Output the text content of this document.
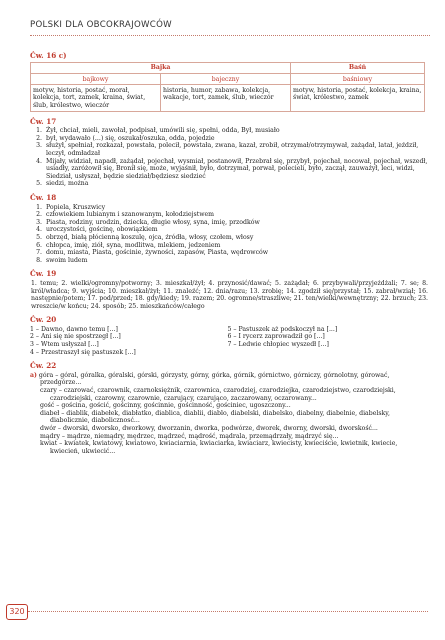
POLSKI DLA OBCOKRAJOWCÓW
Ćw. 16 c)
Bajka		Baśń
bajkowy	bajeczny	baśniowy
motyw, historia, postać, morał, kolekcja, tort, zamek, kraina, świat, ślub, królestwo, wieczór	historia, humor, zabawa, kolekcja, wakacje, tort, zamek, ślub, wieczór	motyw, historia, postać, kolekcja, kraina, świat, królestwo, zamek
Ćw. 17
1. Żył, chciał, mieli, zawołał, podpisał, umówili się, spełni, odda, Był, musiało
2. był, wydawało (...) się, oszukał/oszuka, odda, pojedzie
3. służył, spełniał, rozkazał, powstała, polecił, powstała, zwana, kazał, zrobił, otrzymał/otrzymywał, zażądał, latał, jeździł, leczył, odmładzał
4. Mijały, widział, napadł, zażądał, pojechał, wysmiał, postanowił, Przebrał się, przybył, pojechał, nocował, pojechał, wszedł, usiadły, zaróżowił się, Bronił się, może, wyjaśnił, było, dotrzymał, porwał, polecieli, było, zaczął, zauważył, leci, widzi, Siedział, usłyszał, będzie siedział/będziesz siedzieć
5. siedzi, można
Ćw. 18
1. Popiela, Kruszwicy
2. człowiekiem lubianym i szanowanym, kołodziejstwem
3. Piasta, rodziny, urodzin, dziecka, długie włosy, syna, imię, przodków
4. uroczystości, gościnę, obowiązkiem
5. obrzęd, białą płócienną koszulę, ojca, źródła, włosy, czołem, włosy
6. chłopca, imię, ziół, syna, modlitwa, mlekiem, jedzeniem
7. domu, miasta, Piasta, gościnie, żywności, zapasów, Piasta, wędrowców
8. swoim ludem
Ćw. 19
1. temu; 2. wielki/ogromny/potworny; 3. mieszkał/żył; 4. przynosić/dawać; 5. zażądał; 6. przybywali/przyjeżdżali; 7. se; 8. król/władca; 9. wyjścia; 10. mieszkał/żył; 11. znaleźć; 12. dnia/razu; 13. zrobię; 14. zgodził się/przystał; 15. zabrał/wziął; 16. następnie/potem; 17. pod/przed; 18. gdy/kiedy; 19. razem; 20. ogromne/straszliwe; 21. ten/wielki/wewnętrzny; 22. brzuch; 23. wreszcie/w końcu; 24. sposób; 25. mieszkańców/całego
Ćw. 20
1 – Dawno, dawno temu [...]
2 – Ani się nie spostrzegł [...]
3 – Wtem usłyszał [...]
4 – Przestraszył się pastuszek [...]
5 – Pastuszek aż podskoczył na [...]
6 – I rycerz zaprowadził go [...]
7 – Ledwie chłopiec wyszedł [...]
Ćw. 22
a) góra – góral, góralka, góralski, górski, górzysty, górny, górka, górnik, górnictwo, górniczy, górnolotny, górować, przedgórze...
czary – czarować, czarownik, czarnoksiężnik, czarownica, czarodziej, czarodziejka, czarodziejstwo, czarodziejski, czarodziejski, czarowny, czarownie, czarujący, czarująco, zaczarowany, oczarowany...
gość – gościna, gościć, gościnny, gościnnie, gościnność, gościniec, ugoszczony...
diabeł – diablik, diabełek, diabłatko, diablica, diablii, diablo, diabelski, diabelsko, diabelny, diabelnie, diabelsky, diabolicznie, diabolicznosć...
dwór – dworski, dworsko, dworkowy, dworzanin, dworka, podwórze, dworek, dworny, dworski, dworskość...
mądry – mądrze, niemądry, mędrzec, mądrzeć, mądrość, mądrala, przemądrzały, mądrzyć się...
kwiat – kwiatek, kwiatowy, kwiatowo, kwiaciarnia, kwiaciarka, kwiaciarz, kwiecisty, kwieciście, kwietnik, kwiecie, kwiecień, ukwiecić...
320
